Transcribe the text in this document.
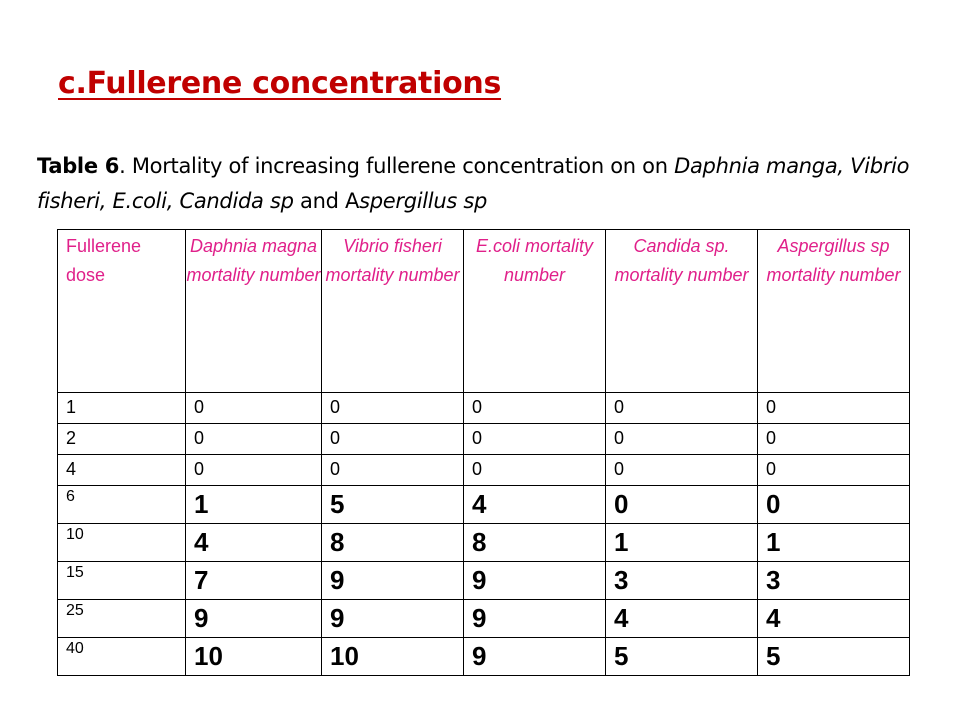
c.Fullerene concentrations
Table 6. Mortality of increasing fullerene concentration on on Daphnia manga, Vibrio fisheri, E.coli, Candida sp and Aspergillus sp
Fullerene dose	Daphnia magna mortality number	Vibrio fisheri mortality number	E.coli mortality number	Candida sp. mortality number	Aspergillus sp mortality number
1	0	0	0	0	0
2	0	0	0	0	0
4	0	0	0	0	0
6	1	5	4	0	0
10	4	8	8	1	1
15	7	9	9	3	3
25	9	9	9	4	4
40	10	10	9	5	5
